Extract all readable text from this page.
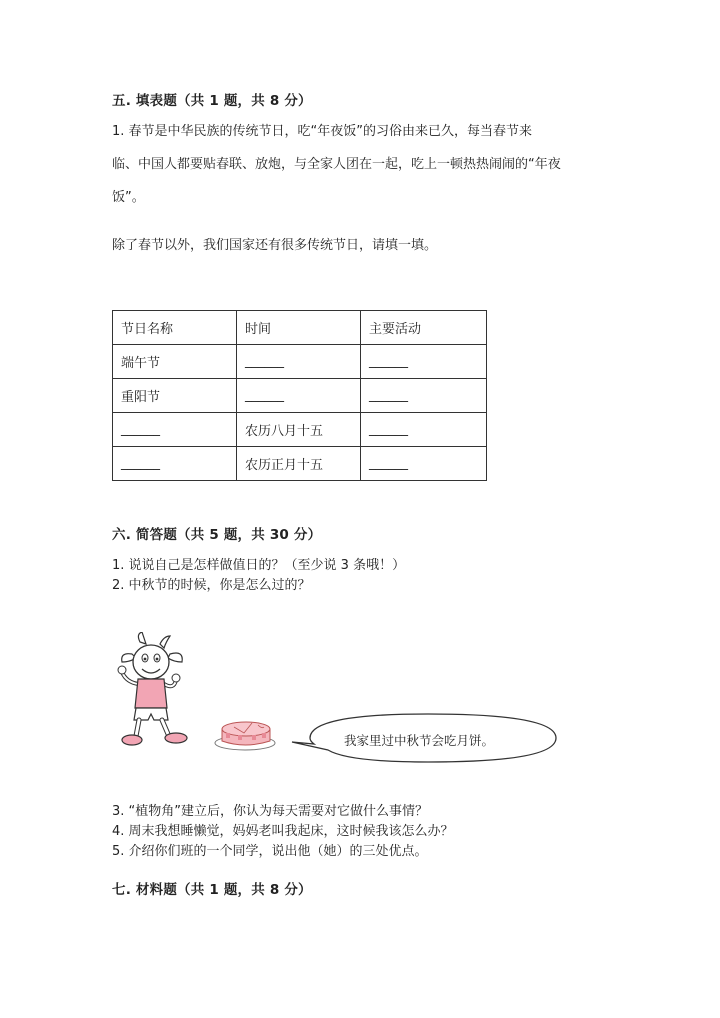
五. 填表题（共 1 题，共 8 分）
1. 春节是中华民族的传统节日，吃“年夜饭”的习俗由来已久，每当春节来
临、中国人都要贴春联、放炮，与全家人团在一起，吃上一顿热热闹闹的“年夜
饭”。
除了春节以外，我们国家还有很多传统节日，请填一填。
节日名称	时间	主要活动
端午节	______	______
重阳节	______	______
______	农历八月十五	______
______	农历正月十五	______
六. 简答题（共 5 题，共 30 分）
1. 说说自己是怎样做值日的？（至少说 3 条哦！）
2. 中秋节的时候，你是怎么过的？
我家里过中秋节会吃月饼。
3. “植物角”建立后，你认为每天需要对它做什么事情？
4. 周末我想睡懒觉，妈妈老叫我起床，这时候我该怎么办？
5. 介绍你们班的一个同学，说出他（她）的三处优点。
七. 材料题（共 1 题，共 8 分）
